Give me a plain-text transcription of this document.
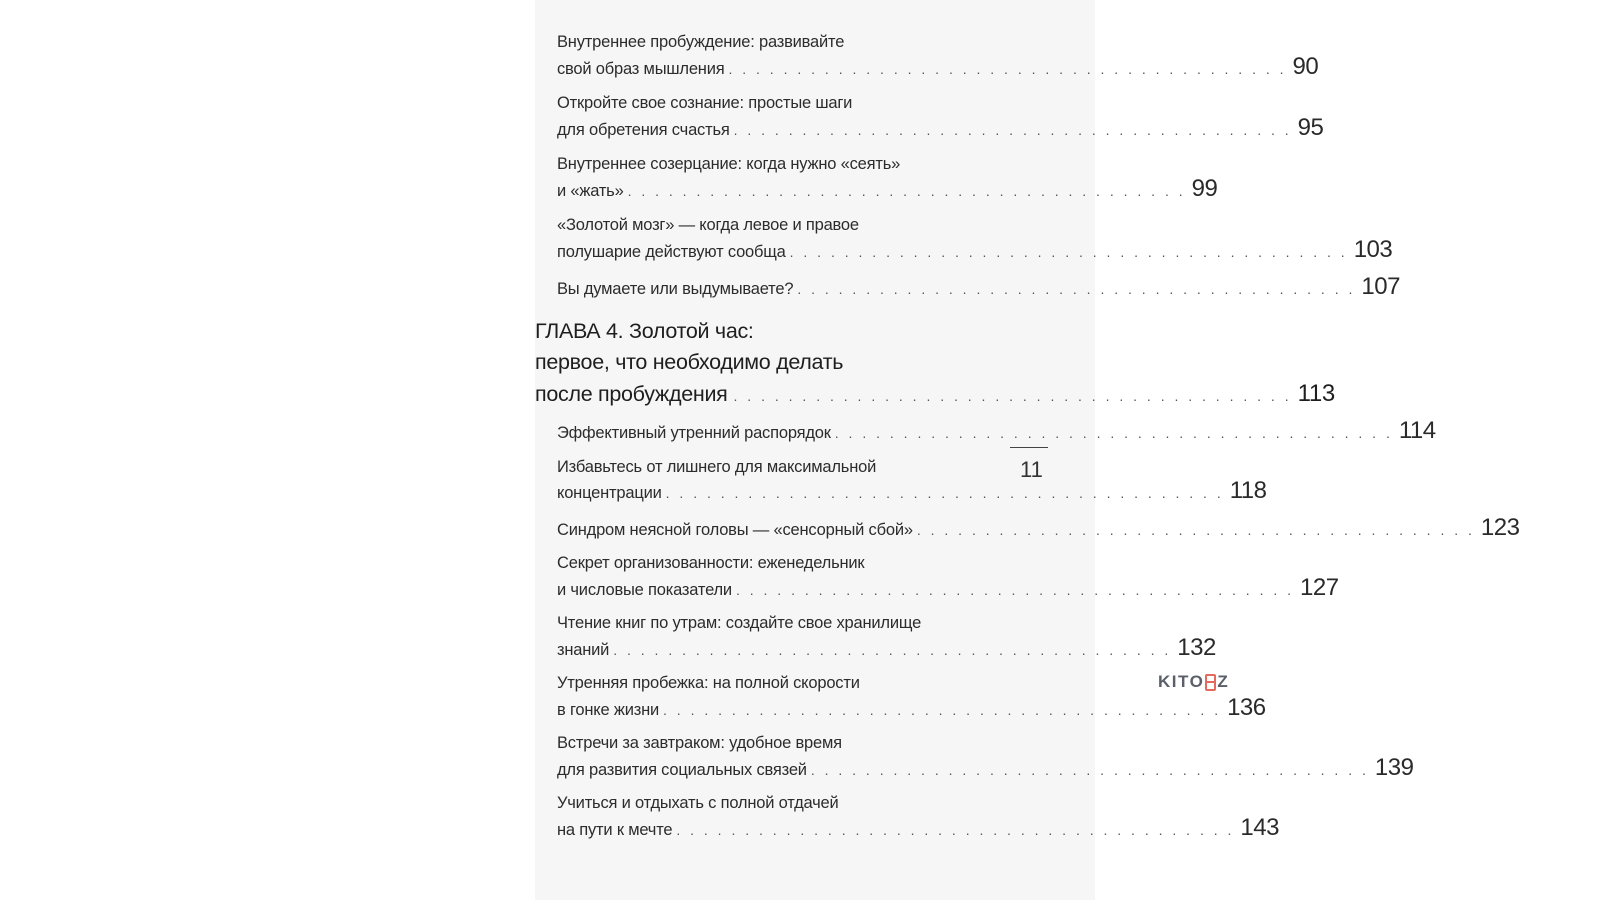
Внутреннее пробуждение: развивайте
свой образ мышления . . . . . . . . . . . . . . . . . . . . . . . . . . . . . . . . . . . . . . . . . 90
Откройте свое сознание: простые шаги
для обретения счастья . . . . . . . . . . . . . . . . . . . . . . . . . . . . . . . . . . . . . . . . . 95
Внутреннее созерцание: когда нужно «сеять»
и «жать» . . . . . . . . . . . . . . . . . . . . . . . . . . . . . . . . . . . . . . . . . 99
«Золотой мозг» — когда левое и правое
полушарие действуют сообща . . . . . . . . . . . . . . . . . . . . . . . . . . . . . . . . . . . . . . . . . 103
Вы думаете или выдумываете? . . . . . . . . . . . . . . . . . . . . . . . . . . . . . . . . . . . . . . . . . 107
ГЛАВА 4. Золотой час:
первое, что необходимо делать
после пробуждения . . . . . . . . . . . . . . . . . . . . . . . . . . . . . . . . . . . . . . . . . 113
Эффективный утренний распорядок . . . . . . . . . . . . . . . . . . . . . . . . . . . . . . . . . . . . . . . . . 114
Избавьтесь от лишнего для максимальной
концентрации . . . . . . . . . . . . . . . . . . . . . . . . . . . . . . . . . . . . . . . . . 118
Синдром неясной головы — «сенсорный сбой» . . . . . . . . . . . . . . . . . . . . . . . . . . . . . . . . . . . . . . . . . 123
Секрет организованности: еженедельник
и числовые показатели . . . . . . . . . . . . . . . . . . . . . . . . . . . . . . . . . . . . . . . . . 127
Чтение книг по утрам: создайте свое хранилище
знаний . . . . . . . . . . . . . . . . . . . . . . . . . . . . . . . . . . . . . . . . . 132
Утренняя пробежка: на полной скорости
в гонке жизни . . . . . . . . . . . . . . . . . . . . . . . . . . . . . . . . . . . . . . . . . 136
Встречи за завтраком: удобное время
для развития социальных связей . . . . . . . . . . . . . . . . . . . . . . . . . . . . . . . . . . . . . . . . . 139
Учиться и отдыхать с полной отдачей
на пути к мечте . . . . . . . . . . . . . . . . . . . . . . . . . . . . . . . . . . . . . . . . . 143
11
KITO Z
